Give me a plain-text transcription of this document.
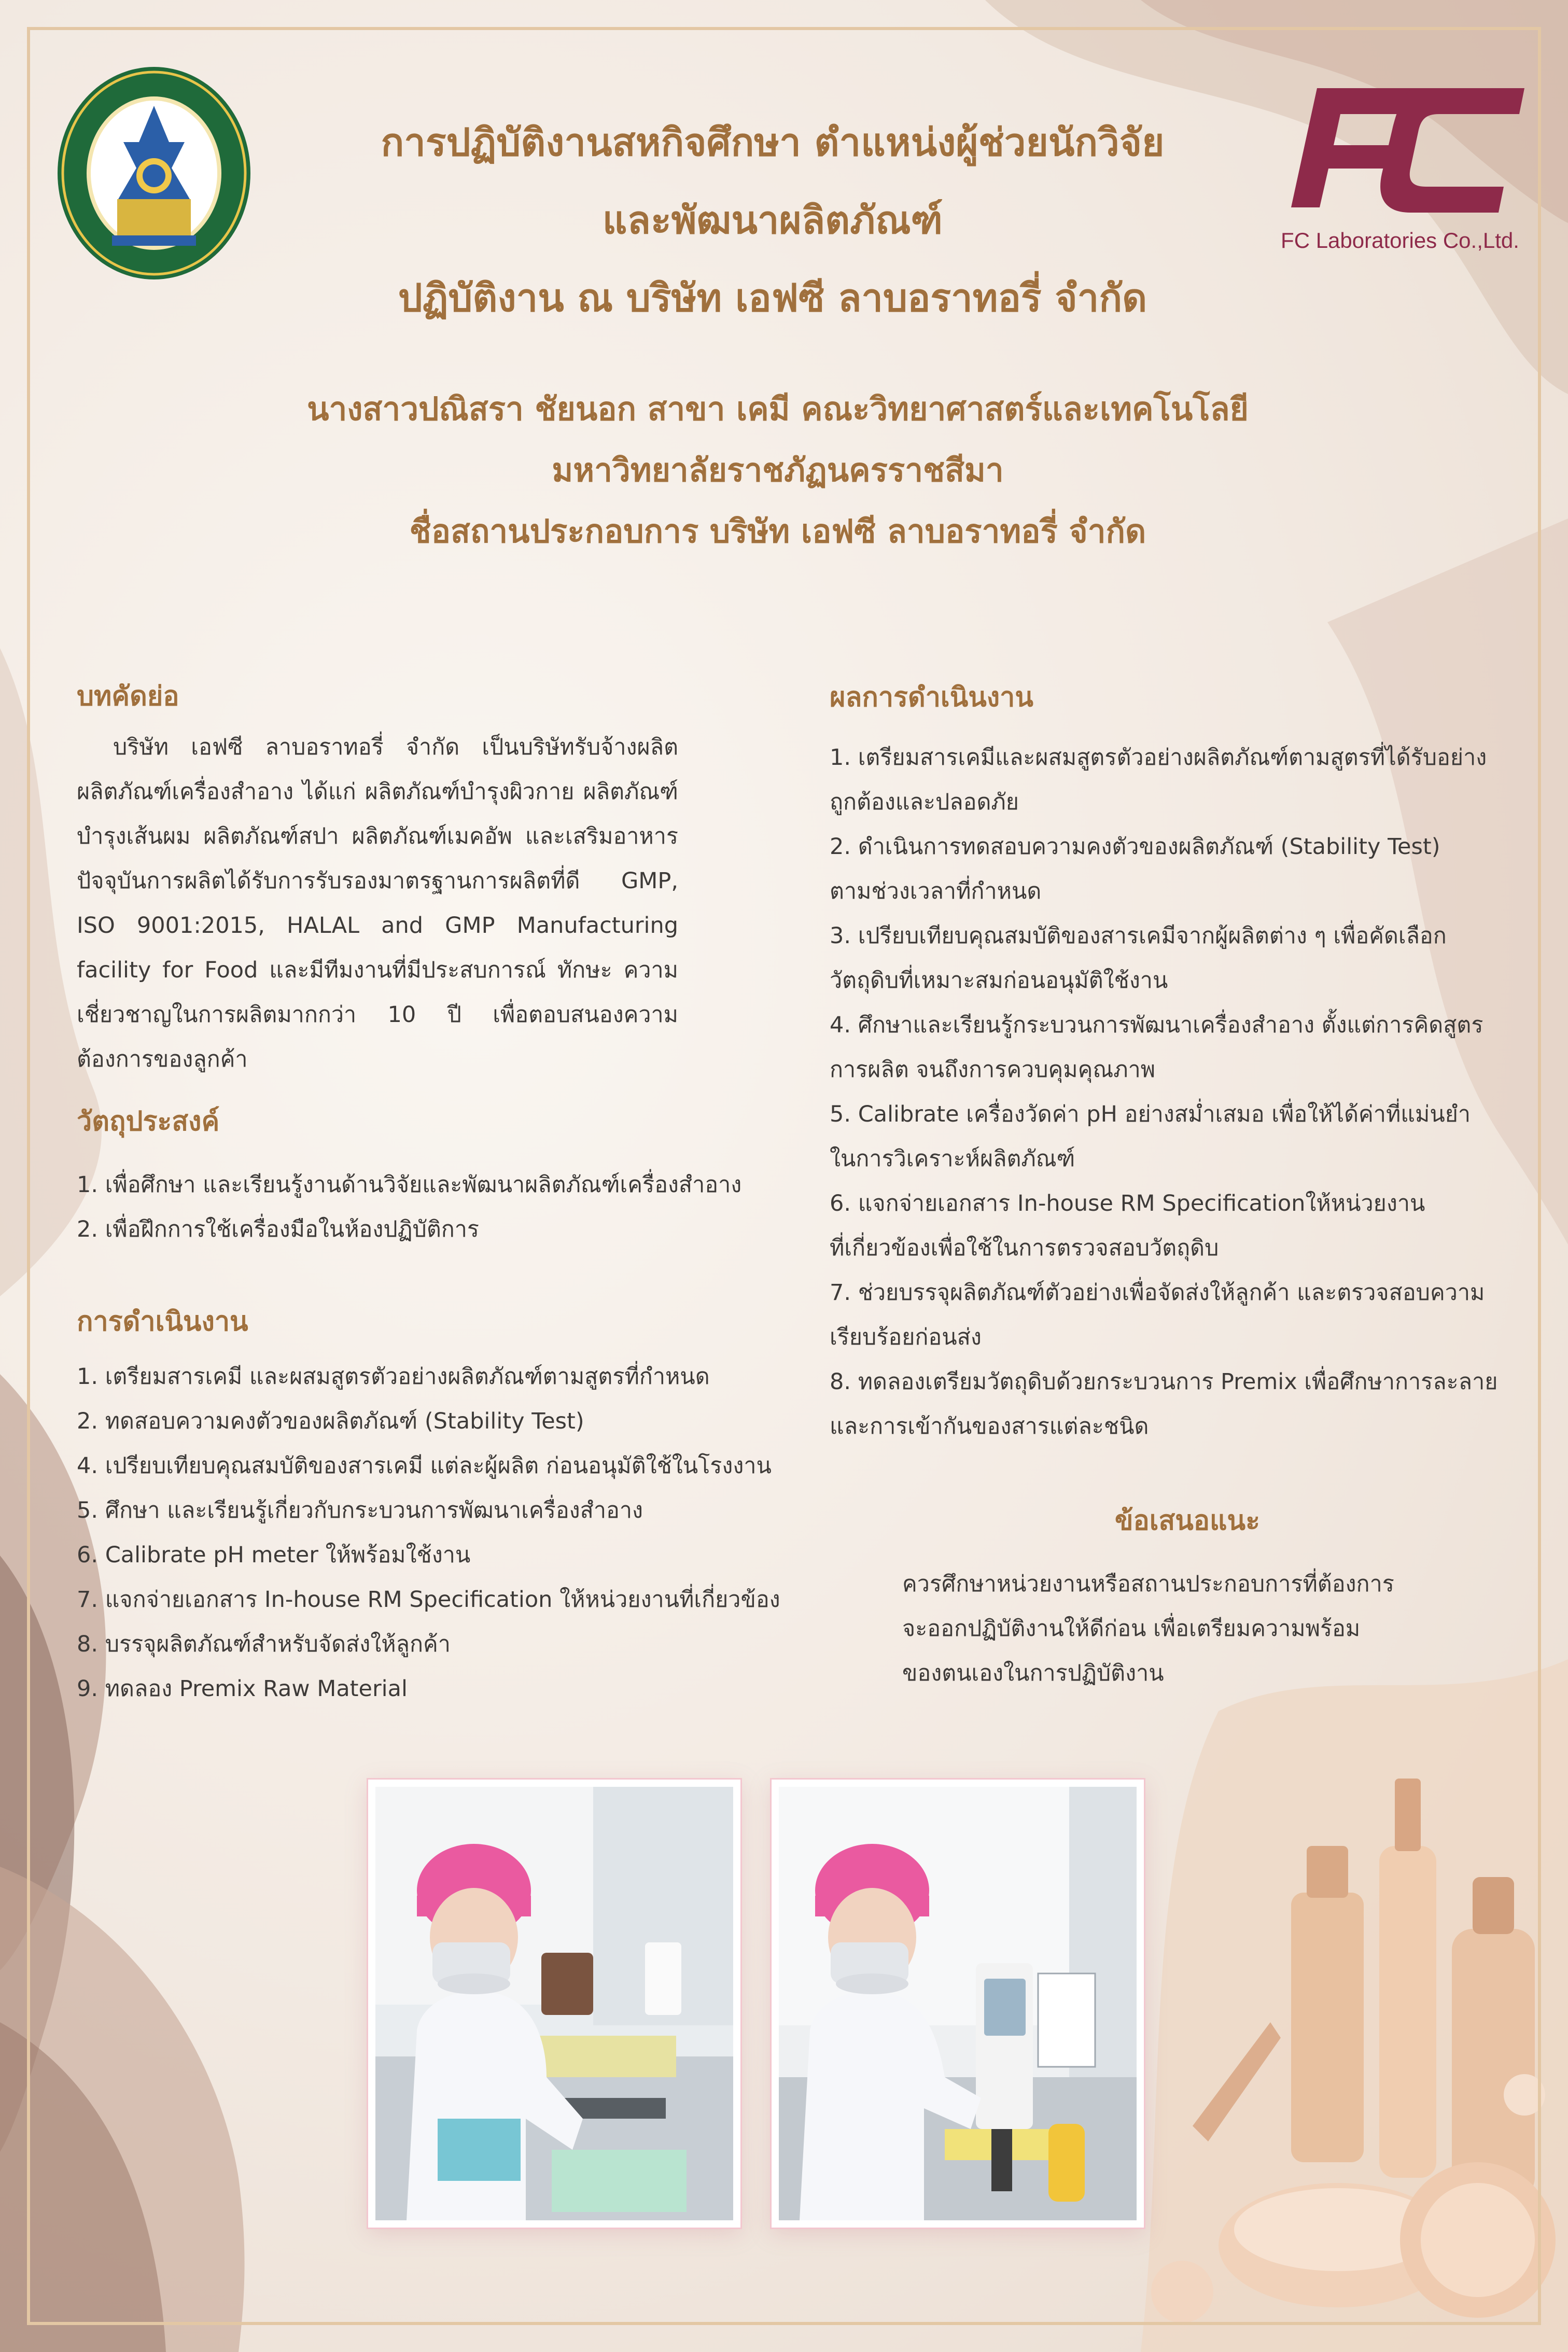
FC Laboratories Co.,Ltd.
การปฏิบัติงานสหกิจศึกษา ตำแหน่งผู้ช่วยนักวิจัย
และพัฒนาผลิตภัณฑ์
ปฏิบัติงาน ณ บริษัท เอฟซี ลาบอราทอรี่ จำกัด
นางสาวปณิสรา ชัยนอก สาขา เคมี คณะวิทยาศาสตร์และเทคโนโลยี
มหาวิทยาลัยราชภัฏนครราชสีมา
ชื่อสถานประกอบการ บริษัท เอฟซี ลาบอราทอรี่ จำกัด
บทคัดย่อ
บริษัท เอฟซี ลาบอราทอรี่ จำกัด เป็นบริษัทรับจ้างผลิตผลิตภัณฑ์เครื่องสำอาง ได้แก่ ผลิตภัณฑ์บำรุงผิวกาย ผลิตภัณฑ์บำรุงเส้นผม ผลิตภัณฑ์สปา ผลิตภัณฑ์เมคอัพ และเสริมอาหาร ปัจจุบันการผลิตได้รับการรับรองมาตรฐานการผลิตที่ดี GMP, ISO 9001:2015, HALAL and GMP Manufacturing facility for Food และมีทีมงานที่มีประสบการณ์ ทักษะ ความเชี่ยวชาญในการผลิตมากกว่า 10 ปี เพื่อตอบสนองความต้องการของลูกค้า
วัตถุประสงค์
1. เพื่อศึกษา และเรียนรู้งานด้านวิจัยและพัฒนาผลิตภัณฑ์เครื่องสำอาง
2. เพื่อฝึกการใช้เครื่องมือในห้องปฏิบัติการ
การดำเนินงาน
1. เตรียมสารเคมี และผสมสูตรตัวอย่างผลิตภัณฑ์ตามสูตรที่กำหนด
2. ทดสอบความคงตัวของผลิตภัณฑ์ (Stability Test)
4. เปรียบเทียบคุณสมบัติของสารเคมี แต่ละผู้ผลิต ก่อนอนุมัติใช้ในโรงงาน
5. ศึกษา และเรียนรู้เกี่ยวกับกระบวนการพัฒนาเครื่องสำอาง
6. Calibrate pH meter ให้พร้อมใช้งาน
7. แจกจ่ายเอกสาร In-house RM Specification ให้หน่วยงานที่เกี่ยวข้อง
8. บรรจุผลิตภัณฑ์สำหรับจัดส่งให้ลูกค้า
9. ทดลอง Premix Raw Material
ผลการดำเนินงาน
1. เตรียมสารเคมีและผสมสูตรตัวอย่างผลิตภัณฑ์ตามสูตรที่ได้รับอย่าง
ถูกต้องและปลอดภัย
2. ดำเนินการทดสอบความคงตัวของผลิตภัณฑ์ (Stability Test)
ตามช่วงเวลาที่กำหนด
3. เปรียบเทียบคุณสมบัติของสารเคมีจากผู้ผลิตต่าง ๆ เพื่อคัดเลือก
วัตถุดิบที่เหมาะสมก่อนอนุมัติใช้งาน
4. ศึกษาและเรียนรู้กระบวนการพัฒนาเครื่องสำอาง ตั้งแต่การคิดสูตร
การผลิต จนถึงการควบคุมคุณภาพ
5. Calibrate เครื่องวัดค่า pH อย่างสม่ำเสมอ เพื่อให้ได้ค่าที่แม่นยำ
ในการวิเคราะห์ผลิตภัณฑ์
6. แจกจ่ายเอกสาร In-house RM Specificationให้หน่วยงาน
ที่เกี่ยวข้องเพื่อใช้ในการตรวจสอบวัตถุดิบ
7. ช่วยบรรจุผลิตภัณฑ์ตัวอย่างเพื่อจัดส่งให้ลูกค้า และตรวจสอบความ
เรียบร้อยก่อนส่ง
8. ทดลองเตรียมวัตถุดิบด้วยกระบวนการ Premix เพื่อศึกษาการละลาย
และการเข้ากันของสารแต่ละชนิด
ข้อเสนอแนะ
ควรศึกษาหน่วยงานหรือสถานประกอบการที่ต้องการ
จะออกปฏิบัติงานให้ดีก่อน เพื่อเตรียมความพร้อม
ของตนเองในการปฏิบัติงาน
